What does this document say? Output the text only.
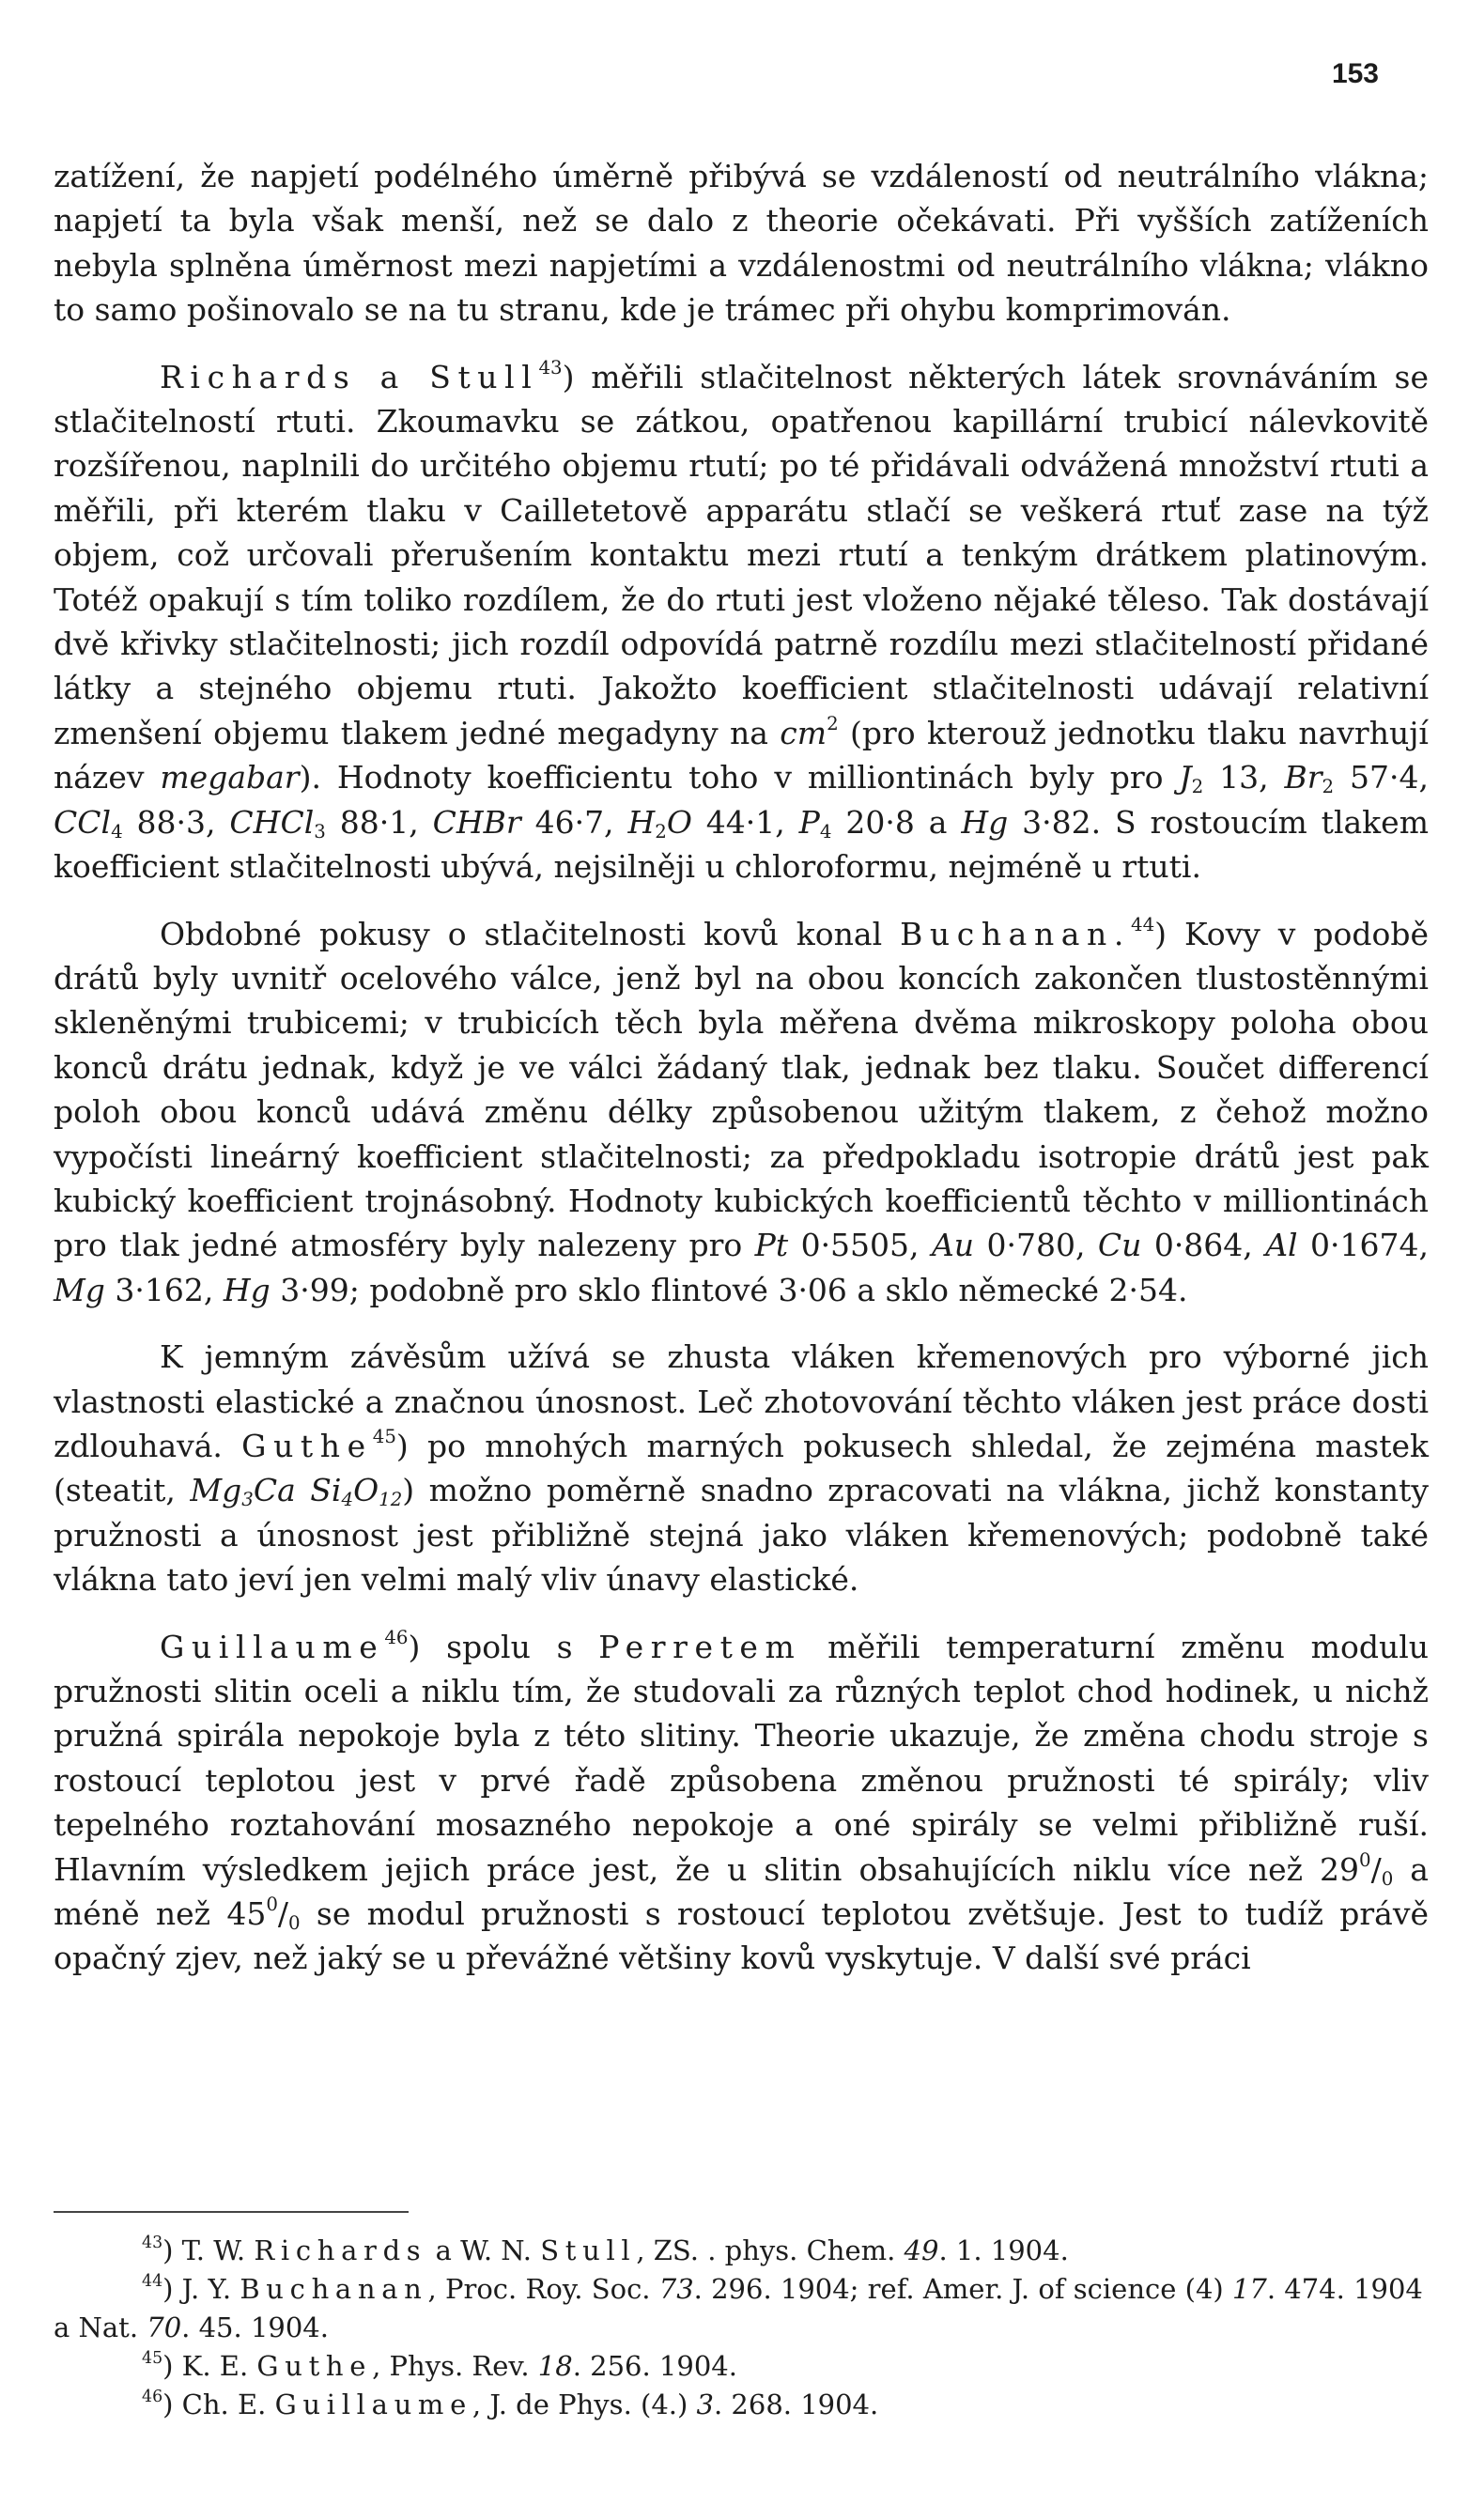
153

zatížení, že napjetí podélného úměrně přibývá se vzdáleností od neutrálního vlákna; napjetí ta byla však menší, než se dalo z theorie očekávati. Při vyšších zatíženích nebyla splněna úměrnost mezi napjetími a vzdálenostmi od neutrálního vlákna; vlákno to samo pošinovalo se na tu stranu, kde je trámec při ohybu komprimován.

Richards a Stull$^{43}$) měřili stlačitelnost některých látek srovnáváním se stlačitelností rtuti. Zkoumavku se zátkou, opatřenou kapillární trubicí nálevkovitě rozšířenou, naplnili do určitého objemu rtutí; po té přidávali odvážená množství rtuti a měřili, při kterém tlaku v Cailletetově apparátu stlačí se veškerá rtuť zase na týž objem, což určovali přerušením kontaktu mezi rtutí a tenkým drátkem platinovým. Totéž opakují s tím toliko rozdílem, že do rtuti jest vloženo nějaké těleso. Tak dostávají dvě křivky stlačitelnosti; jich rozdíl odpovídá patrně rozdílu mezi stlačitelností přidané látky a stejného objemu rtuti. Jakožto koefficient stlačitelnosti udávají relativní zmenšení objemu tlakem jedné megadyny na $cm^2$ (pro kterouž jednotku tlaku navrhují název megabar). Hodnoty koefficientu toho v milliontinách byly pro $J_2$ 13, $Br_2$ 57·4, CCl$_4$ 88·3, CHCl$_3$ 88·1, CHBr 46·7, $H_2O$ 44·1, $P_4$ 20·8 a Hg 3·82. S rostoucím tlakem koefficient stlačitelnosti ubývá, nejsilněji u chloroformu, nejméně u rtuti.

Obdobné pokusy o stlačitelnosti kovů konal Buchanan.$^{44}$) Kovy v podobě drátů byly uvnitř ocelového válce, jenž byl na obou koncích zakončen tlustostěnnými skleněnými trubicemi; v trubicích těch byla měřena dvěma mikroskopy poloha obou konců drátu jednak, když je ve válci žádaný tlak, jednak bez tlaku. Součet differencí poloh obou konců udává změnu délky způsobenou užitým tlakem, z čehož možno vypočísti lineárný koefficient stlačitelnosti; za předpokladu isotropie drátů jest pak kubický koefficient trojnásobný. Hodnoty kubických koefficientů těchto v milliontinách pro tlak jedné atmosféry byly nalezeny pro Pt 0·5505, Au 0·780, Cu 0·864, Al 0·1674, Mg 3·162, Hg 3·99; podobně pro sklo flintové 3·06 a sklo německé 2·54.

K jemným závěsům užívá se zhusta vláken křemenových pro výborné jich vlastnosti elastické a značnou únosnost. Leč zhotovování těchto vláken jest práce dosti zdlouhavá. Guthe$^{45}$) po mnohých marných pokusech shledal, že zejména mastek (steatit, $Mg_3Ca$ $Si_4O_{12}$) možno poměrně snadno zpracovati na vlákna, jichž konstanty pružnosti a únosnost jest přibližně stejná jako vláken křemenových; podobně také vlákna tato jeví jen velmi malý vliv únavy elastické.

Guillaume$^{46}$) spolu s Perretem měřili temperaturní změnu modulu pružnosti slitin oceli a niklu tím, že studovali za různých teplot chod hodinek, u nichž pružná spirála nepokoje byla z této slitiny. Theorie ukazuje, že změna chodu stroje s rostoucí teplotou jest v prvé řadě způsobena změnou pružnosti té spirály; vliv tepelného roztahování mosazného nepokoje a oné spirály se velmi přibližně ruší. Hlavním výsledkem jejich práce jest, že u slitin obsahujících niklu více než $29^0/_0$ a méně než $45^0/_0$ se modul pružnosti s rostoucí teplotou zvětšuje. Jest to tudíž právě opačný zjev, než jaký se u převážné většiny kovů vyskytuje. V další své práci

$^{43}$) T. W. Richards a W. N. Stull, ZS. . phys. Chem. 49. 1. 1904.

$^{44}$) J. Y. Buchanan, Proc. Roy. Soc. 73. 296. 1904; ref. Amer. J. of science (4) 17. 474. 1904 a Nat. 70. 45. 1904.

$^{45}$) K. E. Guthe, Phys. Rev. 18. 256. 1904.

$^{46}$) Ch. E. Guillaume, J. de Phys. (4.) 3. 268. 1904.
